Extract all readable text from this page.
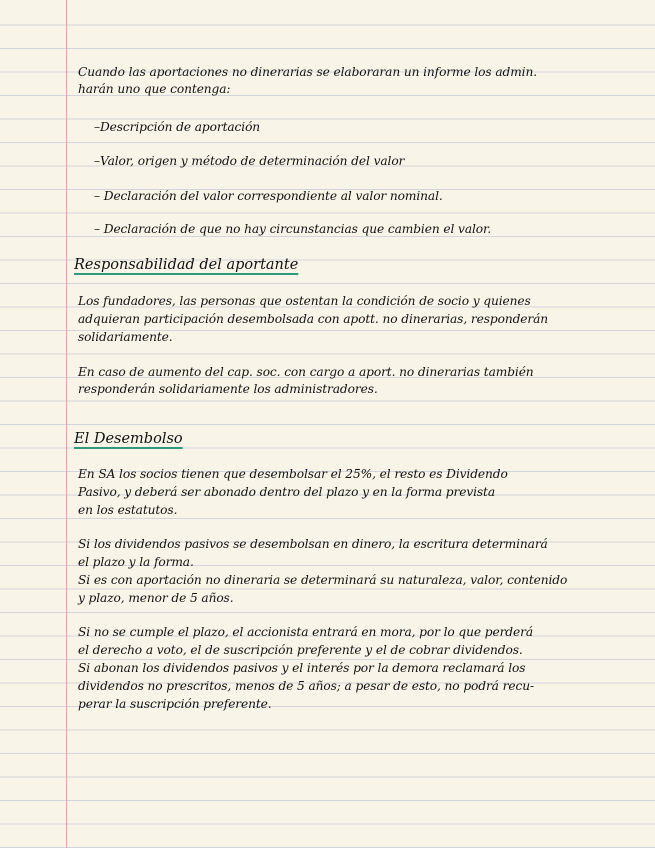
Cuando las aportaciones no dinerarias se elaboraran un informe los admin.

harán uno que contenga:

–Descripción de aportación

–Valor, origen y método de determinación del valor

– Declaración del valor correspondiente al valor nominal.

– Declaración de que no hay circunstancias que cambien el valor.

Responsabilidad del aportante

Los fundadores, las personas que ostentan la condición de socio y quienes

adquieran participación desembolsada con apott. no dinerarias, responderán

solidariamente.

En caso de aumento del cap. soc. con cargo a aport. no dinerarias también

responderán solidariamente los administradores.

El Desembolso

En SA los socios tienen que desembolsar el 25%, el resto es Dividendo

Pasivo, y deberá ser abonado dentro del plazo y en la forma prevista

en los estatutos.

Si los dividendos pasivos se desembolsan en dinero, la escritura determinará

el plazo y la forma.

Si es con aportación no dineraria se determinará su naturaleza, valor, contenido

y plazo, menor de 5 años.

Si no se cumple el plazo, el accionista entrará en mora, por lo que perderá

el derecho a voto, el de suscripción preferente y el de cobrar dividendos.

Si abonan los dividendos pasivos y el interés por la demora reclamará los

dividendos no prescritos, menos de 5 años; a pesar de esto, no podrá recu-

perar la suscripción preferente.
